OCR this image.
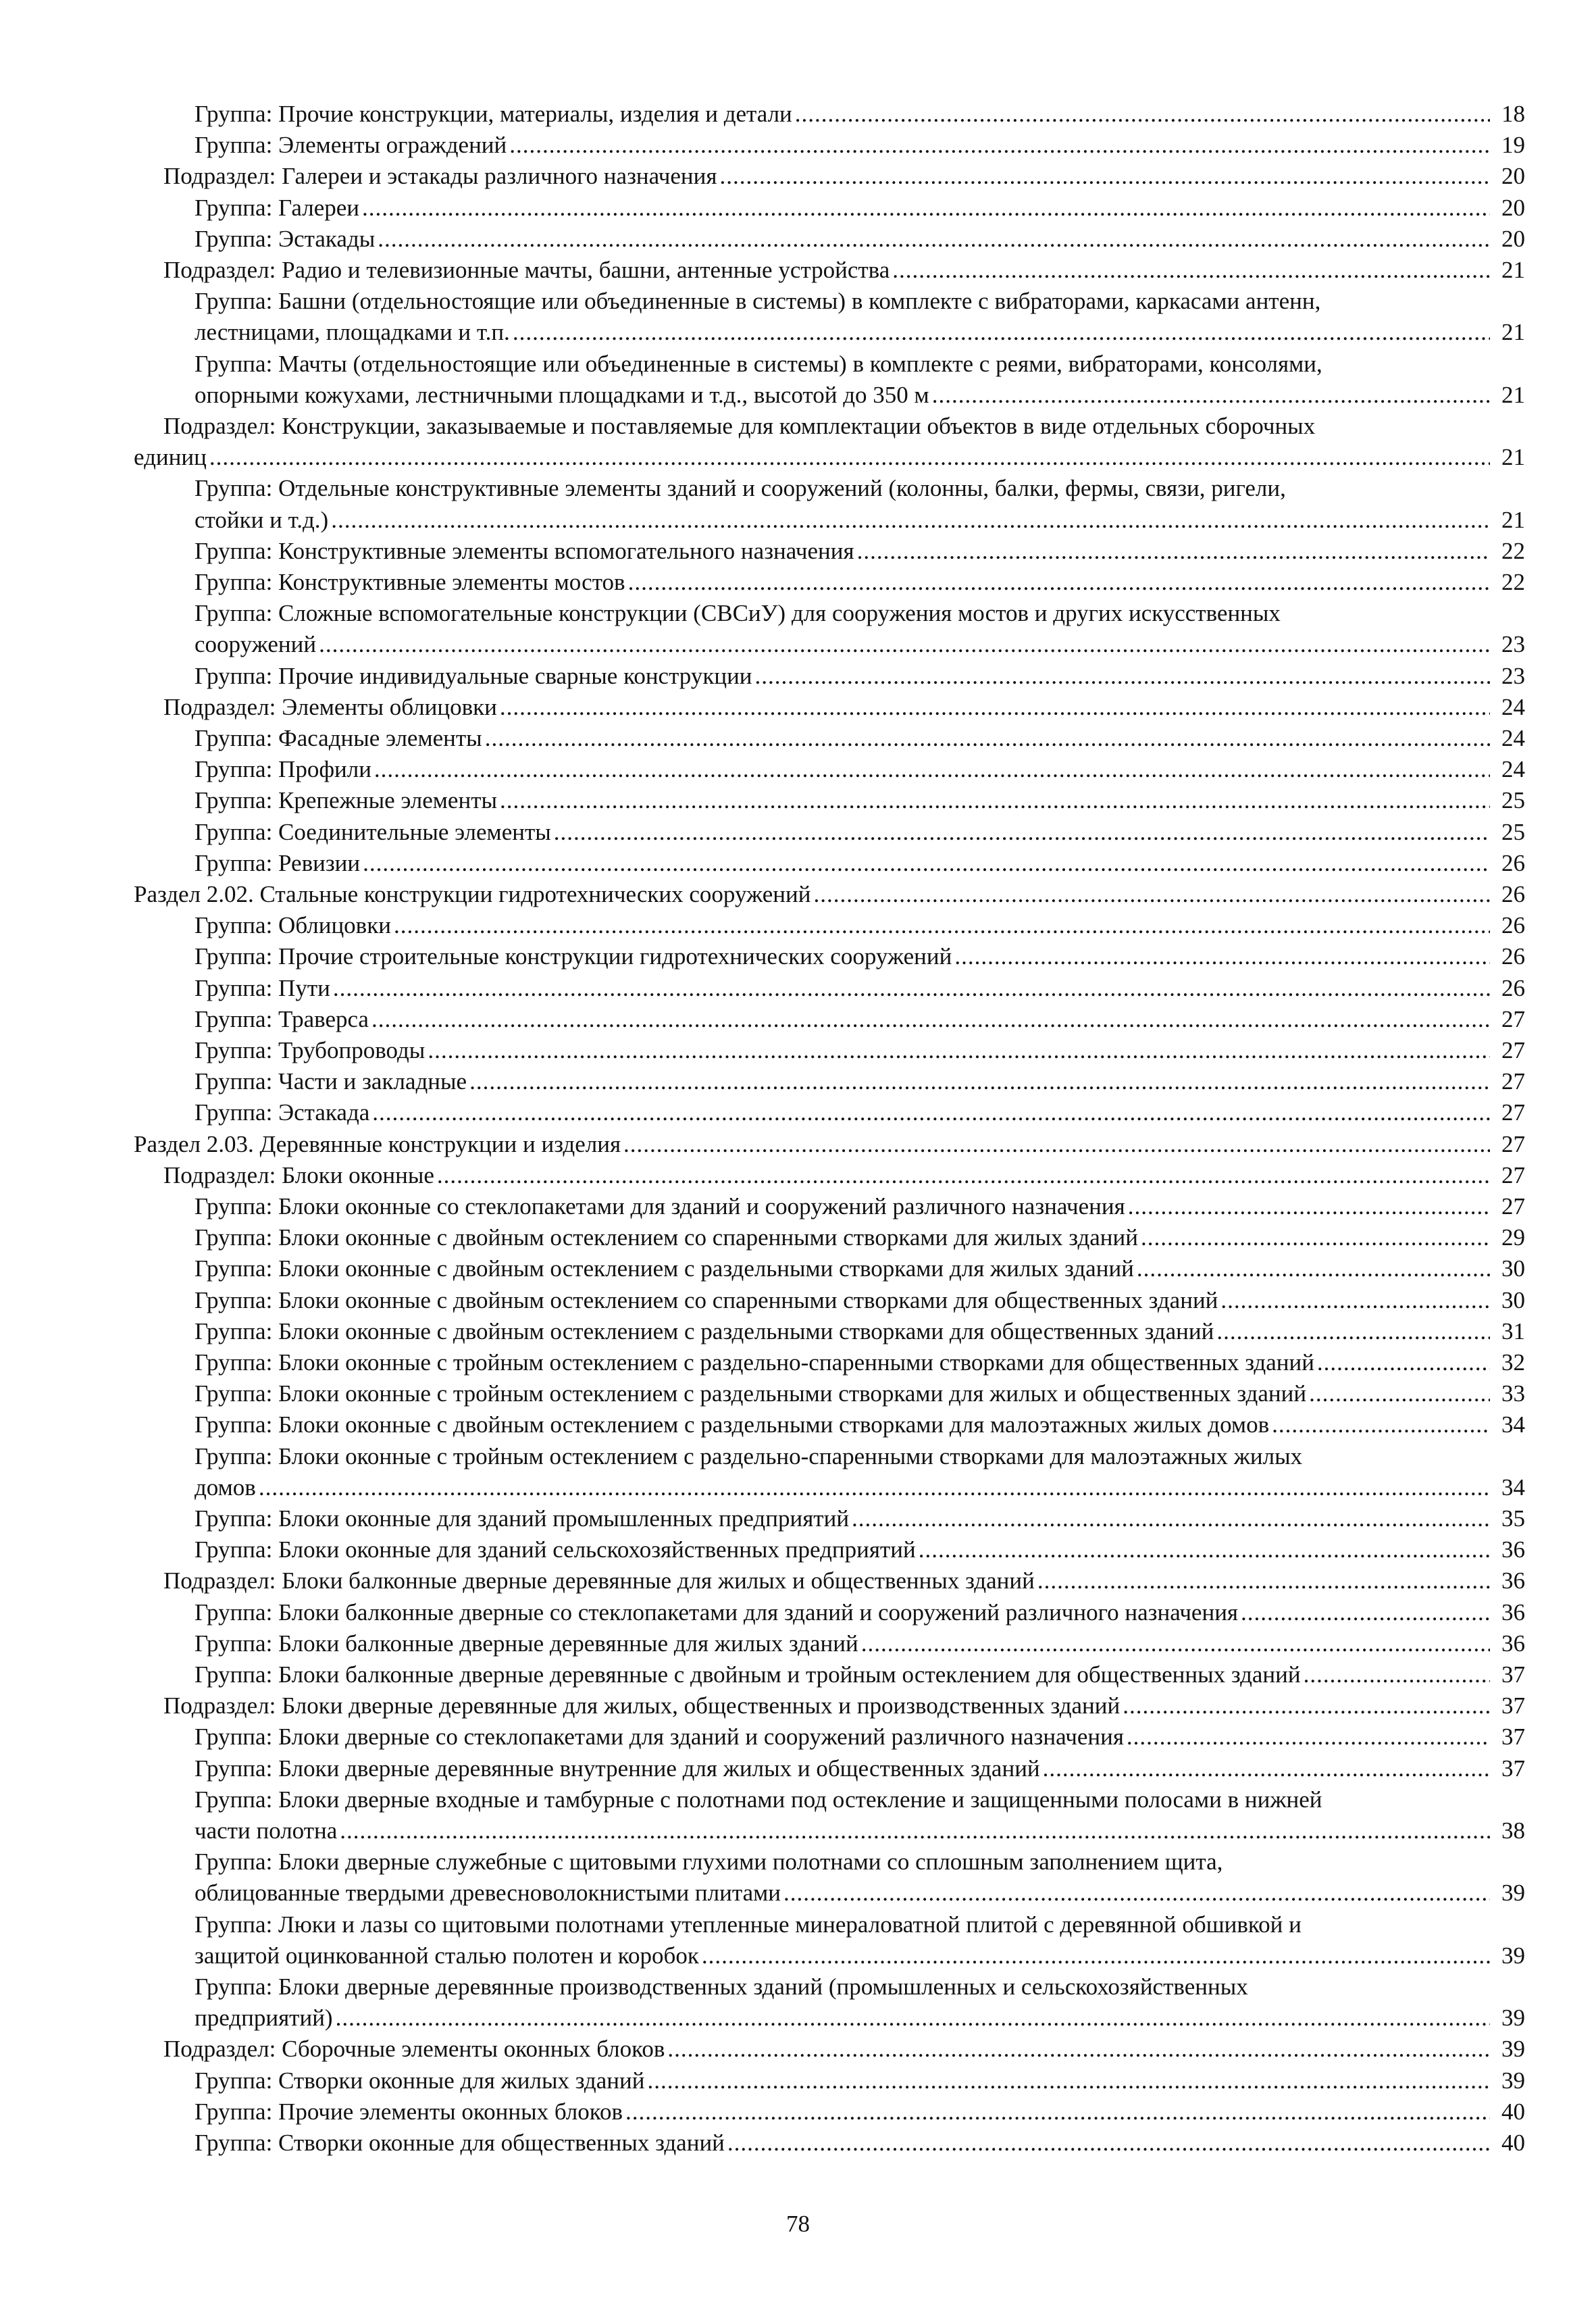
Группа: Прочие конструкции, материалы, изделия и детали .....	18
Группа: Элементы ограждений .....	19
Подраздел: Галереи и эстакады различного назначения .....	20
Группа: Галереи .....	20
Группа: Эстакады .....	20
Подраздел: Радио и телевизионные мачты, башни, антенные устройства .....	21
Группа: Башни (отдельностоящие или объединенные в системы) в комплекте с вибраторами, каркасами антенн,
лестницами, площадками и т.п. .....	21
Группа: Мачты (отдельностоящие или объединенные в системы) в комплекте с реями, вибраторами, консолями,
опорными кожухами, лестничными площадками и т.д., высотой до 350 м .....	21
Подраздел: Конструкции, заказываемые и поставляемые для комплектации объектов в виде отдельных сборочных
единиц .....	21
Группа: Отдельные конструктивные элементы зданий и сооружений (колонны, балки, фермы, связи, ригели,
стойки и т.д.) .....	21
Группа: Конструктивные элементы вспомогательного назначения .....	22
Группа: Конструктивные элементы мостов .....	22
Группа: Сложные вспомогательные конструкции (СВСиУ) для сооружения мостов и других искусственных
сооружений .....	23
Группа: Прочие индивидуальные сварные конструкции .....	23
Подраздел: Элементы облицовки .....	24
Группа: Фасадные элементы .....	24
Группа: Профили .....	24
Группа: Крепежные элементы .....	25
Группа: Соединительные элементы .....	25
Группа: Ревизии .....	26
Раздел 2.02. Стальные конструкции гидротехнических сооружений .....	26
Группа: Облицовки .....	26
Группа: Прочие строительные конструкции гидротехнических сооружений .....	26
Группа: Пути .....	26
Группа: Траверса .....	27
Группа: Трубопроводы .....	27
Группа: Части и закладные .....	27
Группа: Эстакада .....	27
Раздел 2.03. Деревянные конструкции и изделия .....	27
Подраздел: Блоки оконные .....	27
Группа: Блоки оконные со стеклопакетами для зданий и сооружений различного назначения .....	27
Группа: Блоки оконные с двойным остеклением со спаренными створками для жилых зданий .....	29
Группа: Блоки оконные с двойным остеклением с раздельными створками для жилых зданий .....	30
Группа: Блоки оконные с двойным остеклением со спаренными створками для общественных зданий .....	30
Группа: Блоки оконные с двойным остеклением с раздельными створками для общественных зданий .....	31
Группа: Блоки оконные с тройным остеклением с раздельно-спаренными створками для общественных зданий .....	32
Группа: Блоки оконные с тройным остеклением с раздельными створками для жилых и общественных зданий .....	33
Группа: Блоки оконные с двойным остеклением с раздельными створками для малоэтажных жилых домов .....	34
Группа: Блоки оконные с тройным остеклением с раздельно-спаренными створками для малоэтажных жилых
домов .....	34
Группа: Блоки оконные для зданий промышленных предприятий .....	35
Группа: Блоки оконные для зданий сельскохозяйственных предприятий .....	36
Подраздел: Блоки балконные дверные деревянные для жилых и общественных зданий .....	36
Группа: Блоки балконные дверные со стеклопакетами для зданий и сооружений различного назначения .....	36
Группа: Блоки балконные дверные деревянные для жилых зданий .....	36
Группа: Блоки балконные дверные деревянные с двойным и тройным остеклением для общественных зданий .....	37
Подраздел: Блоки дверные деревянные для жилых, общественных и производственных зданий .....	37
Группа: Блоки дверные со стеклопакетами для зданий и сооружений различного назначения .....	37
Группа: Блоки дверные деревянные внутренние для жилых и общественных зданий .....	37
Группа: Блоки дверные входные и тамбурные с полотнами под остекление и защищенными полосами в нижней
части полотна .....	38
Группа: Блоки дверные служебные с щитовыми глухими полотнами со сплошным заполнением щита,
облицованные твердыми древесноволокнистыми плитами .....	39
Группа: Люки и лазы со щитовыми полотнами утепленные минераловатной плитой с деревянной обшивкой и
защитой оцинкованной сталью полотен и коробок .....	39
Группа: Блоки дверные деревянные производственных зданий (промышленных и сельскохозяйственных
предприятий) .....	39
Подраздел: Сборочные элементы оконных блоков .....	39
Группа: Створки оконные для жилых зданий .....	39
Группа: Прочие элементы оконных блоков .....	40
Группа: Створки оконные для общественных зданий .....	40
78
